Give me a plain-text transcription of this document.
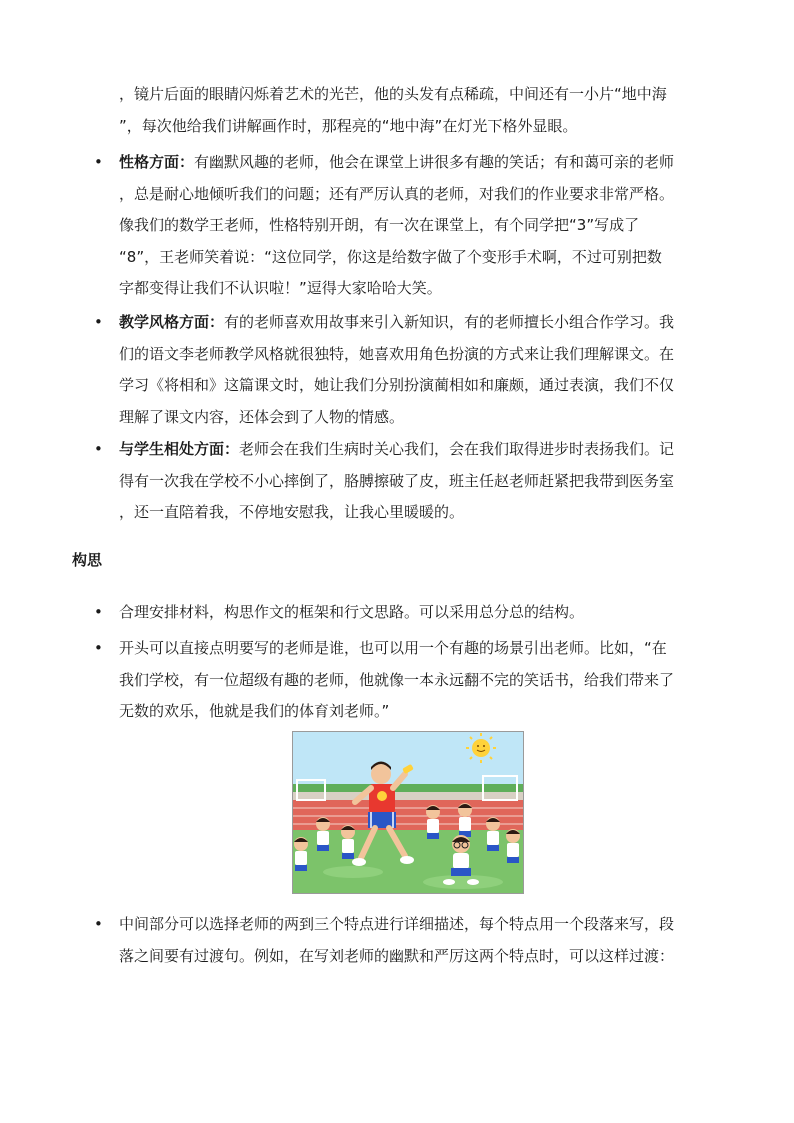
，镜片后面的眼睛闪烁着艺术的光芒，他的头发有点稀疏，中间还有一小片“地中海
”，每次他给我们讲解画作时，那程亮的“地中海”在灯光下格外显眼。
• 性格方面：有幽默风趣的老师，他会在课堂上讲很多有趣的笑话；有和蔼可亲的老师
，总是耐心地倾听我们的问题；还有严厉认真的老师，对我们的作业要求非常严格。
像我们的数学王老师，性格特别开朗，有一次在课堂上，有个同学把“3”写成了
“8”，王老师笑着说：“这位同学，你这是给数字做了个变形手术啊，不过可别把数
字都变得让我们不认识啦！”逗得大家哈哈大笑。
• 教学风格方面：有的老师喜欢用故事来引入新知识，有的老师擅长小组合作学习。我
们的语文李老师教学风格就很独特，她喜欢用角色扮演的方式来让我们理解课文。在
学习《将相和》这篇课文时，她让我们分别扮演蔺相如和廉颇，通过表演，我们不仅
理解了课文内容，还体会到了人物的情感。
• 与学生相处方面：老师会在我们生病时关心我们，会在我们取得进步时表扬我们。记
得有一次我在学校不小心摔倒了，胳膊擦破了皮，班主任赵老师赶紧把我带到医务室
，还一直陪着我，不停地安慰我，让我心里暖暖的。
构思
• 合理安排材料，构思作文的框架和行文思路。可以采用总分总的结构。
• 开头可以直接点明要写的老师是谁，也可以用一个有趣的场景引出老师。比如，“在
我们学校，有一位超级有趣的老师，他就像一本永远翻不完的笑话书，给我们带来了
无数的欢乐，他就是我们的体育刘老师。”
• 中间部分可以选择老师的两到三个特点进行详细描述，每个特点用一个段落来写，段
落之间要有过渡句。例如，在写刘老师的幽默和严厉这两个特点时，可以这样过渡：
